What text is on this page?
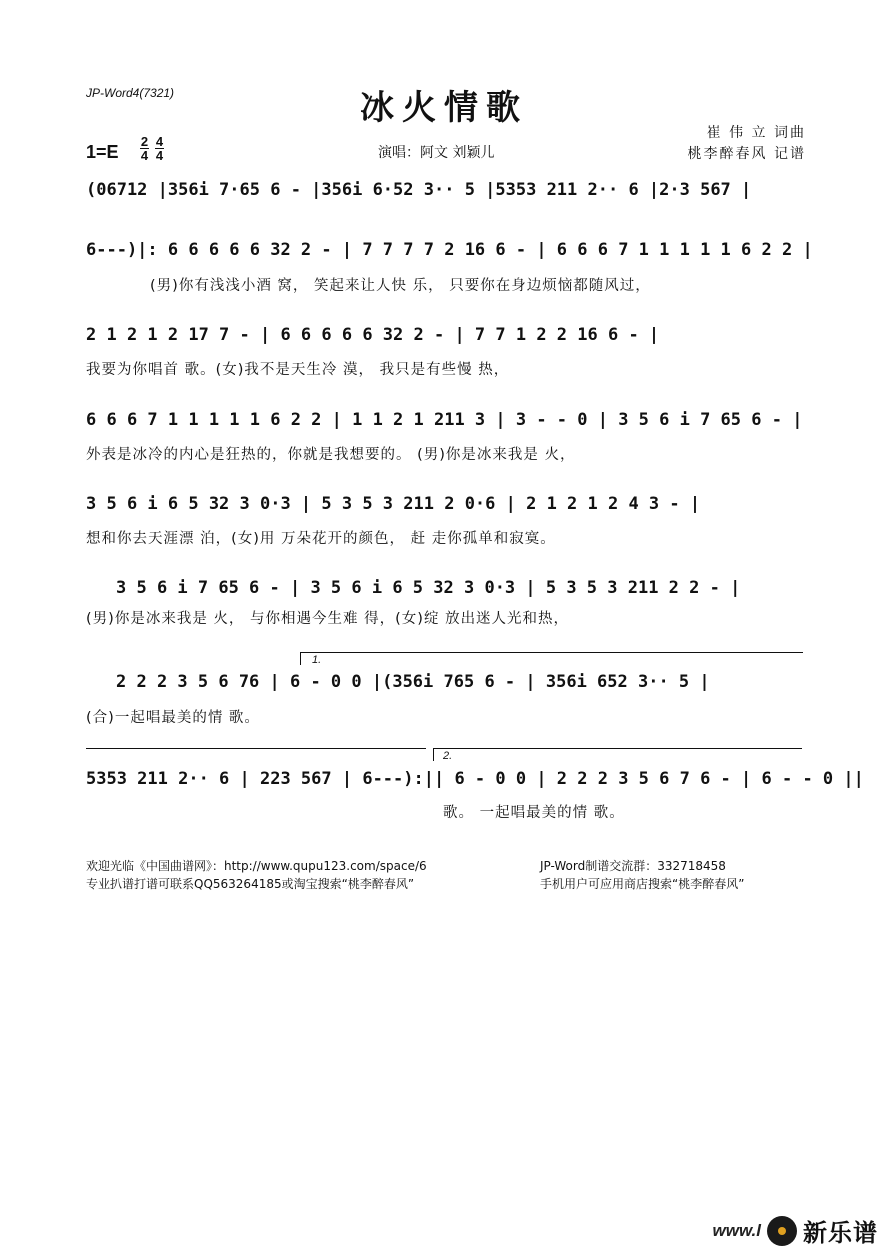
JP-Word4(7321)	冰火情歌
崔 伟 立 词曲
桃李醉春风 记谱
$1=E \frac{2}{4} \frac{4}{4}$	演唱：阿文 刘颖儿
(06712 |356i 7·65 6 - |356i 6·52 3·· 5 |5353 211 2·· 6 |2·3 567 |
6---)|: 6 6 6 6 6 32 2 - | 7 7 7 7 2 16 6 - | 6 6 6 7 1 1 1 1 1 6 2 2 |
(男)你有浅浅小酒 窝， 笑起来让人快 乐， 只要你在身边烦恼都随风过，
2 1 2 1 2 17 7 - | 6 6 6 6 6 32 2 - | 7 7 1 2 2 16 6 - |
我要为你唱首 歌。(女)我不是天生冷 漠， 我只是有些慢 热，
6 6 6 7 1 1 1 1 1 6 2 2 | 1 1 2 1 211 3 | 3 - - 0 | 3 5 6 i 7 65 6 - |
外表是冰冷的内心是狂热的，你就是我想要的。 (男)你是冰来我是 火，
3 5 6 i 6 5 32 3 0·3 | 5 3 5 3 211 2 0·6 | 2 1 2 1 2 4 3 - |
想和你去天涯漂 泊，(女)用 万朵花开的颜色， 赶 走你孤单和寂寞。
3 5 6 i 7 65 6 - | 3 5 6 i 6 5 32 3 0·3 | 5 3 5 3 211 2 2 - |
(男)你是冰来我是 火， 与你相遇今生难 得，(女)绽 放出迷人光和热，
1.
2 2 2 3 5 6 76 | 6 - 0 0 |(356i 765 6 - | 356i 652 3·· 5 |
(合)一起唱最美的情 歌。
2.
5353 211 2·· 6 | 223 567 | 6---):|| 6 - 0 0 | 2 2 2 3 5 6 7 6 - | 6 - - 0 ||
歌。 一起唱最美的情 歌。
欢迎光临《中国曲谱网》：http://www.qupu123.com/space/6	JP-Word制谱交流群：332718458
专业扒谱打谱可联系QQ563264185或淘宝搜索“桃李醉春风”	手机用户可应用商店搜索“桃李醉春风”
www.l 新乐谱
